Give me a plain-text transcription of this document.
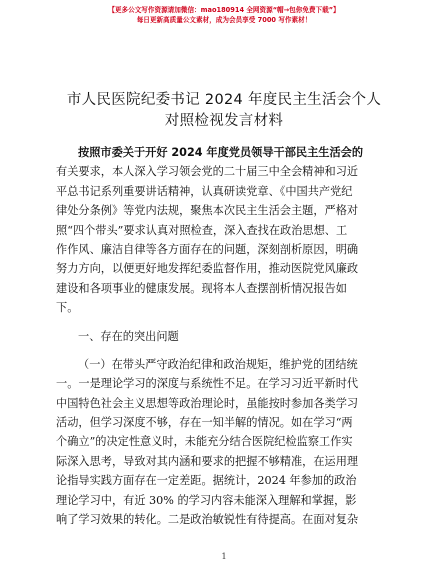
【更多公文写作资源请加微信：mao180914 全网资源“帽→包你免费下载”】
每日更新高质量公文素材，成为会员享受 7000 写作素材！
市人民医院纪委书记 2024 年度民主生活会个人
对照检视发言材料
按照市委关于开好 2024 年度党员领导干部民主生活会的
有关要求，本人深入学习领会党的二十届三中全会精神和习近
平总书记系列重要讲话精神，认真研读党章、《中国共产党纪
律处分条例》等党内法规，聚焦本次民主生活会主题，严格对
照“四个带头”要求认真对照检查，深入查找在政治思想、工
作作风、廉洁自律等各方面存在的问题，深刻剖析原因，明确
努力方向，以便更好地发挥纪委监督作用，推动医院党风廉政
建设和各项事业的健康发展。现将本人查摆剖析情况报告如
下。
一、存在的突出问题
（一）在带头严守政治纪律和政治规矩，维护党的团结统
一。一是理论学习的深度与系统性不足。在学习习近平新时代
中国特色社会主义思想等政治理论时，虽能按时参加各类学习
活动，但学习深度不够，存在一知半解的情况。如在学习“两
个确立”的决定性意义时，未能充分结合医院纪检监察工作实
际深入思考，导致对其内涵和要求的把握不够精准，在运用理
论指导实践方面存在一定差距。据统计，2024 年参加的政治
理论学习中，有近 30% 的学习内容未能深入理解和掌握，影
响了学习效果的转化。二是政治敏锐性有待提高。在面对复杂
1
